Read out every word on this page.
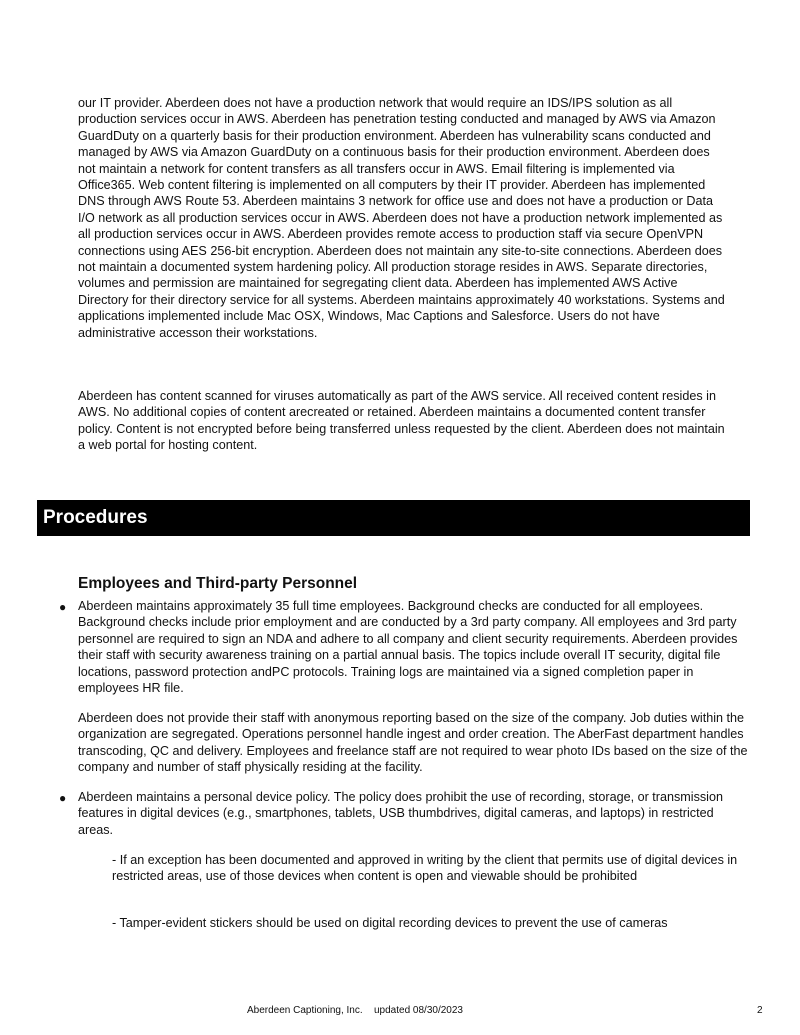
our IT provider. Aberdeen does not have a production network that would require an IDS/IPS solution as all production services occur in AWS. Aberdeen has penetration testing conducted and managed by AWS via Amazon GuardDuty on a quarterly basis for their production environment. Aberdeen has vulnerability scans conducted and managed by AWS via Amazon GuardDuty on a continuous basis for their production environment. Aberdeen does not maintain a network for content transfers as all transfers occur in AWS. Email filtering is implemented via Office365. Web content filtering is implemented on all computers by their IT provider. Aberdeen has implemented DNS through AWS Route 53. Aberdeen maintains 3 network for office use and does not have a production or Data I/O network as all production services occur in AWS. Aberdeen does not have a production network implemented as all production services occur in AWS. Aberdeen provides remote access to production staff via secure OpenVPN connections using AES 256-bit encryption. Aberdeen does not maintain any site-to-site connections. Aberdeen does not maintain a documented system hardening policy. All production storage resides in AWS. Separate directories, volumes and permission are maintained for segregating client data. Aberdeen has implemented AWS Active Directory for their directory service for all systems. Aberdeen maintains approximately 40 workstations. Systems and applications implemented include Mac OSX, Windows, Mac Captions and Salesforce. Users do not have administrative accesson their workstations.

Aberdeen has content scanned for viruses automatically as part of the AWS service. All received content resides in AWS. No additional copies of content arecreated or retained. Aberdeen maintains a documented content transfer policy. Content is not encrypted before being transferred unless requested by the client. Aberdeen does not maintain a web portal for hosting content.

Procedures
Employees and Third-party Personnel
● Aberdeen maintains approximately 35 full time employees. Background checks are conducted for all employees. Background checks include prior employment and are conducted by a 3rd party company. All employees and 3rd party personnel are required to sign an NDA and adhere to all company and client security requirements. Aberdeen provides their staff with security awareness training on a partial annual basis. The topics include overall IT security, digital file locations, password protection andPC protocols. Training logs are maintained via a signed completion paper in employees HR file.

Aberdeen does not provide their staff with anonymous reporting based on the size of the company. Job duties within the organization are segregated. Operations personnel handle ingest and order creation. The AberFast department handles transcoding, QC and delivery. Employees and freelance staff are not required to wear photo IDs based on the size of the company and number of staff physically residing at the facility.

● Aberdeen maintains a personal device policy. The policy does prohibit the use of recording, storage, or transmission features in digital devices (e.g., smartphones, tablets, USB thumbdrives, digital cameras, and laptops) in restricted areas.

- If an exception has been documented and approved in writing by the client that permits use of digital devices in restricted areas, use of those devices when content is open and viewable should be prohibited

- Tamper-evident stickers should be used on digital recording devices to prevent the use of cameras

Aberdeen Captioning, Inc. updated 08/30/2023	2
